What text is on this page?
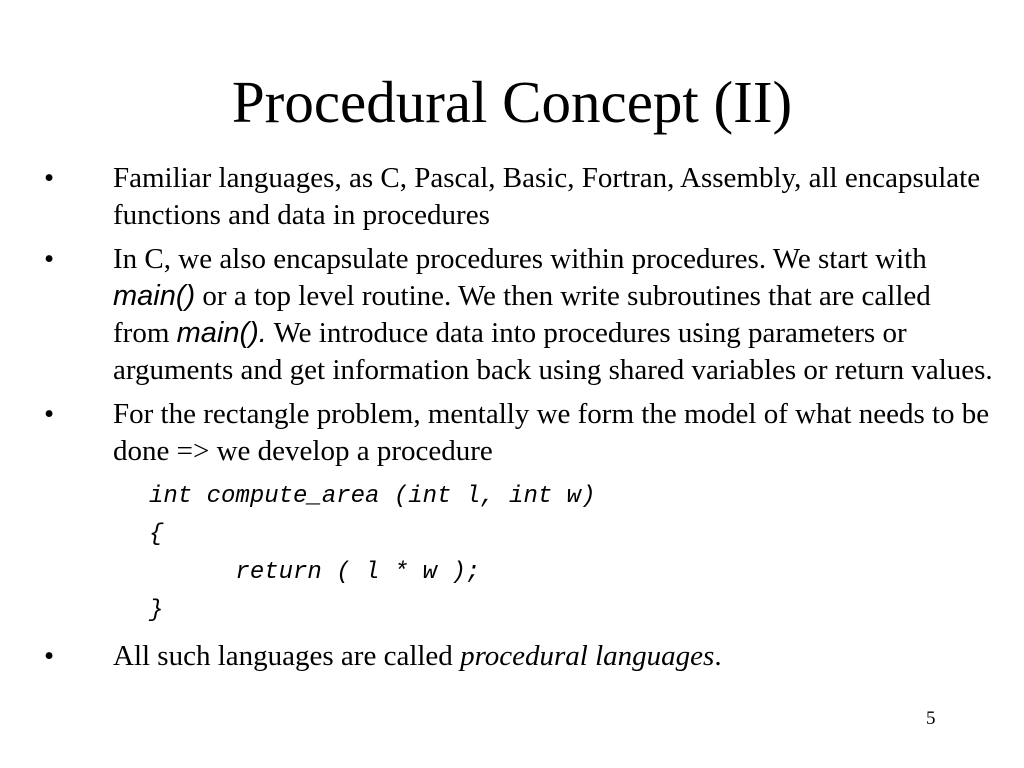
Procedural Concept (II)
• Familiar languages, as C, Pascal, Basic, Fortran, Assembly, all encapsulate functions and data in procedures
• In C, we also encapsulate procedures within procedures. We start with main() or a top level routine. We then write subroutines that are called from main(). We introduce data into procedures using parameters or arguments and get information back using shared variables or return values.
• For the rectangle problem, mentally we form the model of what needs to be done => we develop a procedure
int compute_area (int l, int w)
{
return ( l * w );
}
• All such languages are called procedural languages.
5
